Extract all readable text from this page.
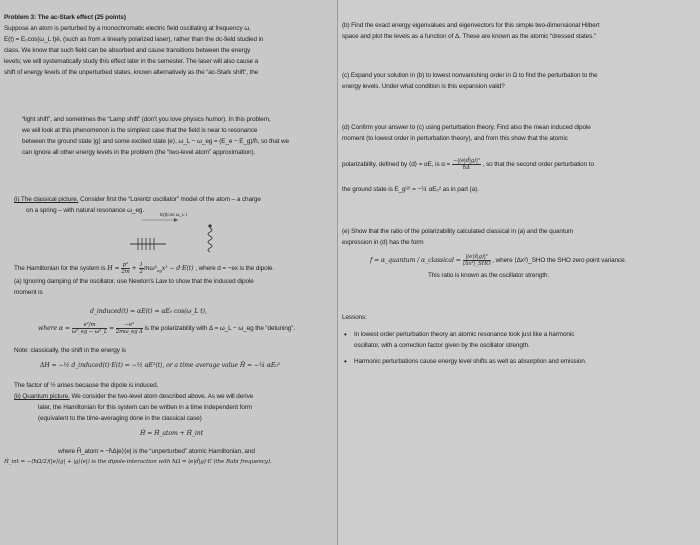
Problem 3: The ac-Stark effect (25 points)

Suppose an atom is perturbed by a monochromatic electric field oscillating at frequency ω,

E(t) = E₀cos(ω_L t)ê, (such as from a linearly polarized laser), rather than the dc-field studied in

class. We know that such field can be absorbed and cause transitions between the energy

levels; we will systematically study this effect later in the semester. The laser will also cause a

shift of energy levels of the unperturbed states, known alternatively as the “ac-Stark shift”, the

“light shift”, and sometimes the “Lamp shift” (don't you love physics humor). In this problem,

we will look at this phenomenon is the simplest case that the field is near to resonance

between the ground state |g⟩ and some excited state |e⟩, ω_L − ω_eg = (E_e − E_g)/ħ, so that we

can ignore all other energy levels in the problem (the “two-level atom” approximation).

(i) The classical picture. Consider first the “Lorentz oscillator” model of the atom – a charge

on a spring – with natural resonance ω_eg.

E(t)cos ω_L t

The Hamiltonian for the system is $H = \frac{\text{p²}}{2m} + \frac{1}{2} m\omega^2_{eg}x^2 - d\cdot E(t)$ , where d = −ex is the dipole.

(a) Ignoring damping of the oscillator, use Newton's Law to show that the induced dipole

moment is

d_induced(t) = αE(t) = αE₀ cos(ω_L t),

where $\alpha = \frac{\text{e²/m}}{\text{ω²\_eg − ω²\_L}} \approx \frac{\text{−e²}}{\text{2mω\_eg Δ}}$ is the polarizability with Δ = ω_L − ω_eg the “detuning”.

Note: classically, the shift in the energy is

ΔH = −½ d_induced(t)·E(t) = −½ αE²(t), or a time average value H̄ = −¼ αE₀²

The factor of ½ arises because the dipole is induced.

(ii) Quantum picture. We consider the two-level atom described above. As we will derive

later, the Hamiltonian for this system can be written in a time independent form

(equivalent to the time-averaging done in the classical case)

Ĥ = Ĥ_atom + Ĥ_int

where Ĥ_atom = −ħΔ|e⟩⟨e| is the “unperturbed” atomic Hamiltonian, and

Ĥ_int = −(ħΩ/2)(|e⟩⟨g| + |g⟩⟨e|) is the dipole-interaction with ħΩ = ⟨e|d̂|g⟩·E (the Rabi frequency).

(b) Find the exact energy eigenvalues and eigenvectors for this simple two-dimensional Hilbert

space and plot the levels as a function of Δ. These are known as the atomic “dressed states.”

(c) Expand your solution in (b) to lowest nonvanishing order in Ω to find the perturbation to the

energy levels. Under what condition is this expansion valid?

(d) Confirm your answer to (c) using perturbation theory. Find also the mean induced dipole

moment (to lowest order in perturbation theory), and from this show that the atomic

polarizability, defined by ⟨d⟩ = αE, is $\alpha = \frac{\text{−|⟨e|d̂|g⟩|²}}{ħ\Delta}$ , so that the second order perturbation to

the ground state is E_g⁽²⁾ = −¼ αE₀² as in part (a).

(e) Show that the ratio of the polarizability calculated classical in (a) and the quantum

expression in (d) has the form

f = α_quantum / α_classical = $\frac{\text{|⟨e|x̂|g⟩|²}}{\text{⟨Δx²⟩\_SHO}}$ , where ⟨Δx²⟩_SHO the SHO zero point variance.

This ratio is known as the oscillator strength.

Lessons:

• In lowest order perturbation theory an atomic resonance look just like a harmonic
oscillator, with a correction factor given by the oscillator strength.
• Harmonic perturbations cause energy level shifts as well as absorption and emission.
